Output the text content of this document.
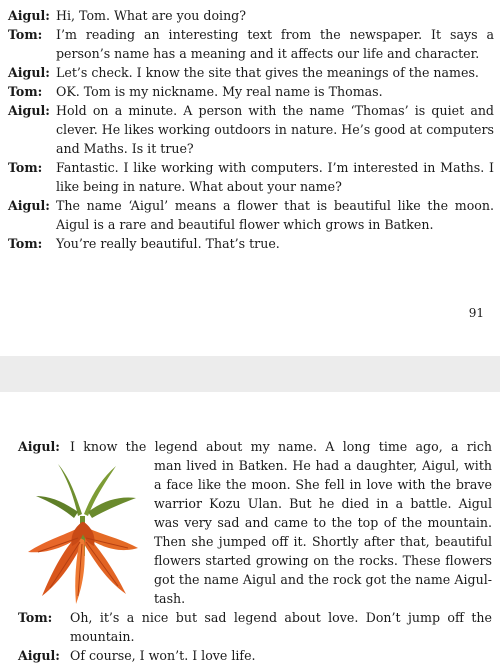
Aigul: Hi, Tom. What are you doing?
Tom:	I’m reading an interesting text from the newspaper. It says a person’s name has a meaning and it affects our life and character.
Aigul: Let’s check. I know the site that gives the meanings of the names.
Tom:	OK. Tom is my nickname. My real name is Thomas.
Aigul: Hold on a minute. A person with the name ‘Thomas’ is quiet and clever. He likes working outdoors in nature. He’s good at computers and Maths. Is it true?
Tom:	Fantastic. I like working with computers. I’m interested in Maths. I like being in nature. What about your name?
Aigul: The name ‘Aigul’ means a flower that is beautiful like the moon. Aigul is a rare and beautiful flower which grows in Batken.
Tom:	You’re really beautiful. That’s true.
91
Aigul: I know the legend about my name. A long time ago, a rich
man lived in Batken. He had a daughter, Aigul, with a face like the moon. She fell in love with the brave warrior Kozu Ulan. But he died in a battle. Aigul was very sad and came to the top of the mountain. Then she jumped off it. Shortly after that, beautiful flowers started growing on the rocks. These flowers got the name Aigul and the rock got the name Aigul-tash.
Tom:	Oh, it’s a nice but sad legend about love. Don’t jump off the mountain.
Aigul: Of course, I won’t. I love life.
